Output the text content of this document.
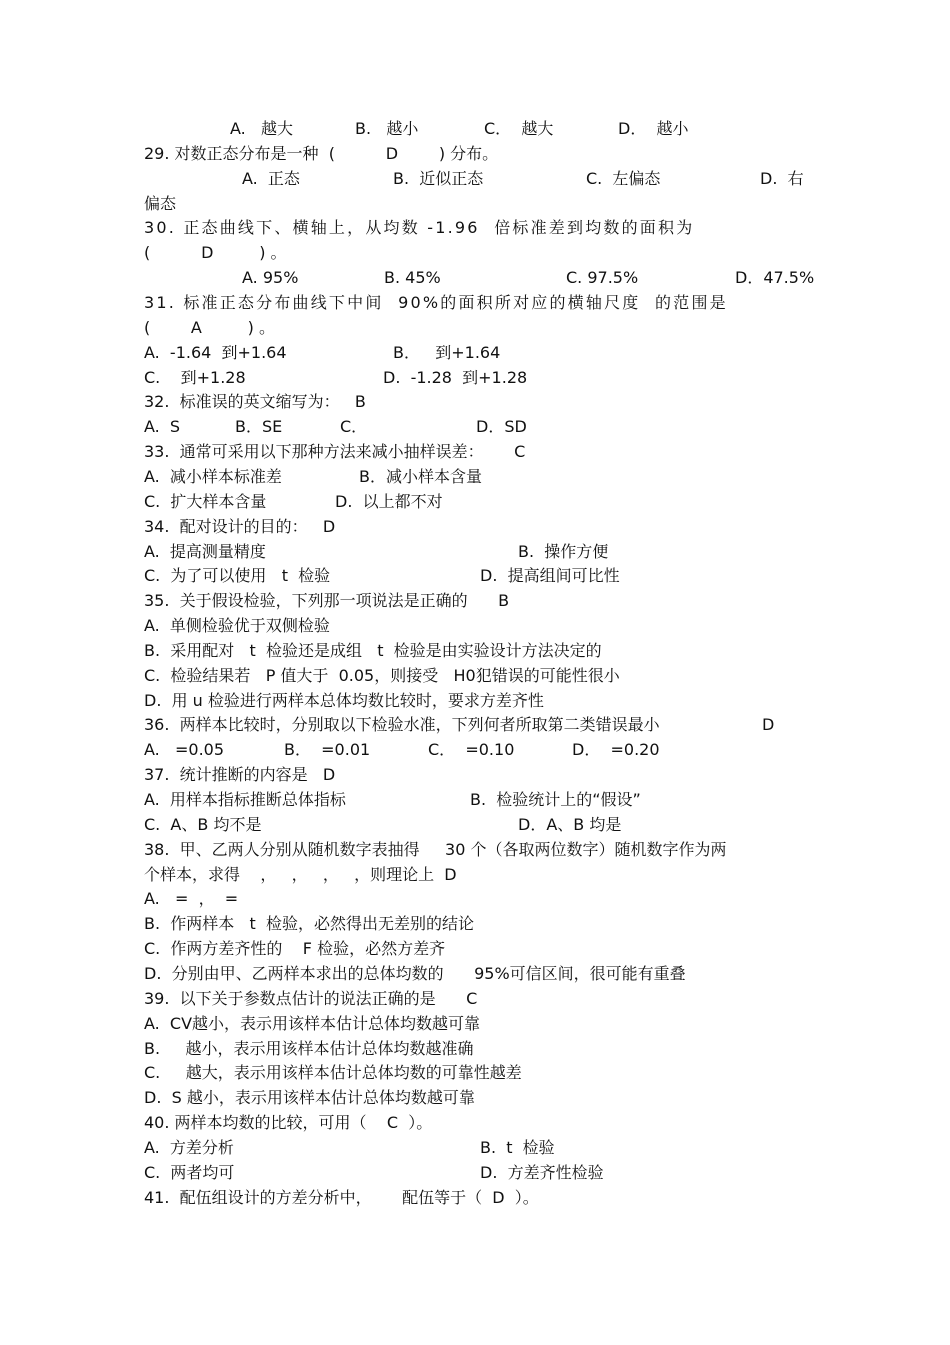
A.   越大	B.   越小	C．  越大	D．  越小
29. 对数正态分布是一种  (          D        ) 分布。
A.  正态	B.  近似正态	C.  左偏态	D.  右
偏态
30. 正态曲线下、横轴上，从均数 -1.96  倍标准差到均数的面积为
(          D         ) 。
A. 95%	B. 45%	C. 97.5%	D．47.5%
31. 标准正态分布曲线下中间  90%的面积所对应的横轴尺度  的范围是
(        A         ) 。
A.  -1.64  到+1.64	B．   到+1.64
C.    到+1.28	D.  -1.28  到+1.28
32.  标准误的英文缩写为：   B
A.  S	B．SE	C．	D．SD
33.  通常可采用以下那种方法来减小抽样误差：      C
A.  减小样本标准差	B．减小样本含量
C.  扩大样本含量	D.  以上都不对
34.  配对设计的目的：   D
A.  提高测量精度	B.  操作方便
C.  为了可以使用   t  检验	D.  提高组间可比性
35.  关于假设检验，下列那一项说法是正确的      B
A.  单侧检验优于双侧检验
B.  采用配对   t  检验还是成组   t  检验是由实验设计方法决定的
C.  检验结果若   P 值大于  0.05，则接受   H0犯错误的可能性很小
D.  用 u 检验进行两样本总体均数比较时，要求方差齐性
36.  两样本比较时，分别取以下检验水准，下列何者所取第二类错误最小	D
A.   =0.05	B．  =0.01	C．  =0.10	D．  =0.20
37.  统计推断的内容是   D
A.  用样本指标推断总体指标	B.  检验统计上的“假设”
C.  A、B 均不是	D．A、B 均是
38.  甲、乙两人分别从随机数字表抽得     30 个（各取两位数字）随机数字作为两
个样本，求得    ，   ，   ，   ，则理论上  D
A.   =  ，  =
B.  作两样本   t  检验，必然得出无差别的结论
C.  作两方差齐性的    F 检验，必然方差齐
D.  分别由甲、乙两样本求出的总体均数的      95%可信区间，很可能有重叠
39.  以下关于参数点估计的说法正确的是      C
A.  CV越小，表示用该样本估计总体均数越可靠
B.     越小，表示用该样本估计总体均数越准确
C.     越大，表示用该样本估计总体均数的可靠性越差
D.  S 越小，表示用该样本估计总体均数越可靠
40. 两样本均数的比较，可用（    C  ）。
A.  方差分析	B.  t  检验
C.  两者均可	D.  方差齐性检验
41.  配伍组设计的方差分析中，      配伍等于（  D  ）。
